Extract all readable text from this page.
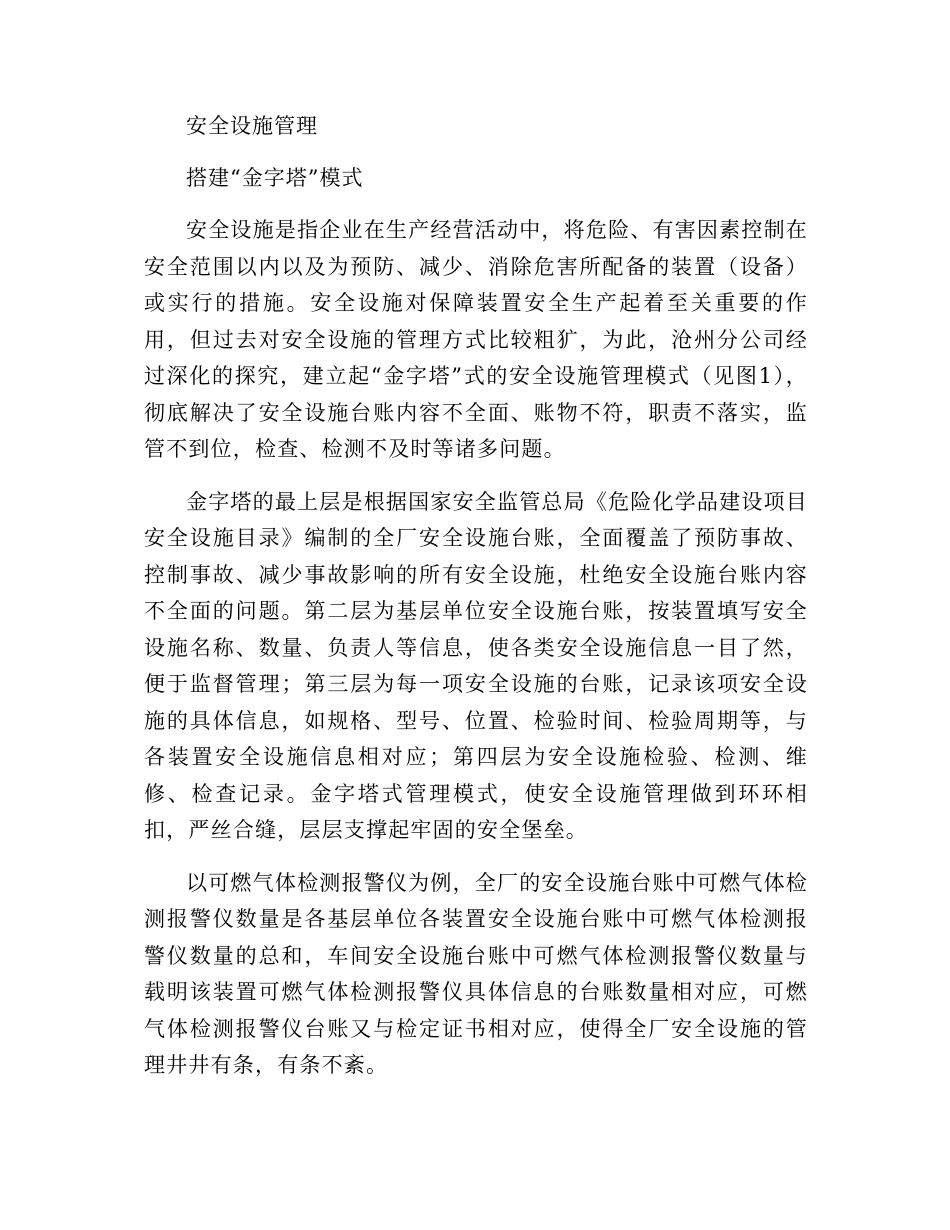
安全设施管理

搭建“金字塔”模式

安全设施是指企业在生产经营活动中，将危险、有害因素控制在安全范围以内以及为预防、减少、消除危害所配备的装置（设备）或实行的措施。安全设施对保障装置安全生产起着至关重要的作用，但过去对安全设施的管理方式比较粗犷，为此，沧州分公司经过深化的探究，建立起“金字塔”式的安全设施管理模式（见图1），彻底解决了安全设施台账内容不全面、账物不符，职责不落实，监管不到位，检查、检测不及时等诸多问题。

金字塔的最上层是根据国家安全监管总局《危险化学品建设项目安全设施目录》编制的全厂安全设施台账，全面覆盖了预防事故、控制事故、减少事故影响的所有安全设施，杜绝安全设施台账内容不全面的问题。第二层为基层单位安全设施台账，按装置填写安全设施名称、数量、负责人等信息，使各类安全设施信息一目了然，便于监督管理；第三层为每一项安全设施的台账，记录该项安全设施的具体信息，如规格、型号、位置、检验时间、检验周期等，与各装置安全设施信息相对应；第四层为安全设施检验、检测、维修、检查记录。金字塔式管理模式，使安全设施管理做到环环相扣，严丝合缝，层层支撑起牢固的安全堡垒。

以可燃气体检测报警仪为例，全厂的安全设施台账中可燃气体检测报警仪数量是各基层单位各装置安全设施台账中可燃气体检测报警仪数量的总和，车间安全设施台账中可燃气体检测报警仪数量与载明该装置可燃气体检测报警仪具体信息的台账数量相对应，可燃气体检测报警仪台账又与检定证书相对应，使得全厂安全设施的管理井井有条，有条不紊。
